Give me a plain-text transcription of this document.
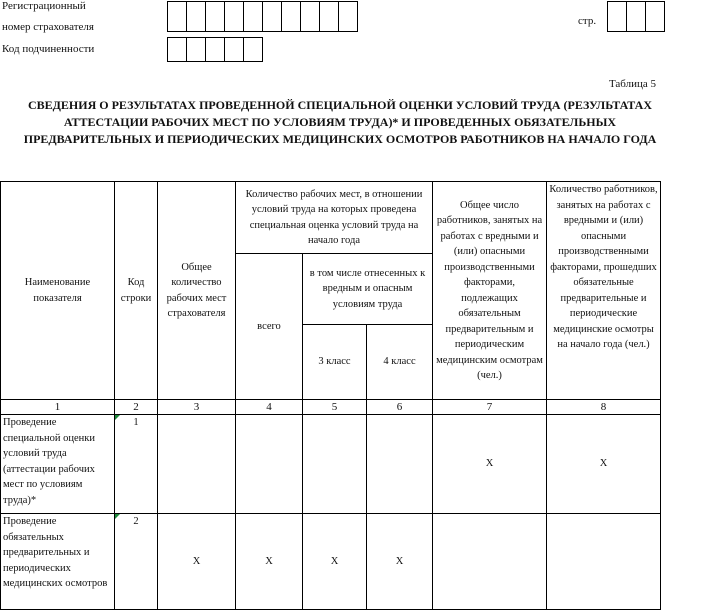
Регистрационный
номер страхователя	стр.
Код подчиненности
Таблица 5
СВЕДЕНИЯ О РЕЗУЛЬТАТАХ ПРОВЕДЕННОЙ СПЕЦИАЛЬНОЙ ОЦЕНКИ УСЛОВИЙ ТРУДА (РЕЗУЛЬТАТАХ АТТЕСТАЦИИ РАБОЧИХ МЕСТ ПО УСЛОВИЯМ ТРУДА)* И ПРОВЕДЕННЫХ ОБЯЗАТЕЛЬНЫХ ПРЕДВАРИТЕЛЬНЫХ И ПЕРИОДИЧЕСКИХ МЕДИЦИНСКИХ ОСМОТРОВ РАБОТНИКОВ НА НАЧАЛО ГОДА
Наименование показателя	Код строки	Общее количество рабочих мест страхователя	Количество рабочих мест, в отношении условий труда на которых проведена специальная оценка условий труда на начало года			Общее число работников, занятых на работах с вредными и (или) опасными производственными факторами, подлежащих обязательным предварительным и периодическим медицинским осмотрам (чел.)	Количество работников, занятых на работах с вредными и (или) опасными производственными факторами, прошедших обязательные предварительные и периодические медицинские осмотры на начало года (чел.)
			всего	в том числе отнесенных к вредным и опасным условиям труда			
				3 класс	4 класс		
1	2	3	4	5	6	7	8
Проведение специальной оценки условий труда (аттестации рабочих мест по условиям труда)*	1					X	X
Проведение обязательных предварительных и периодических медицинских осмотров	2	X	X	X	X		
